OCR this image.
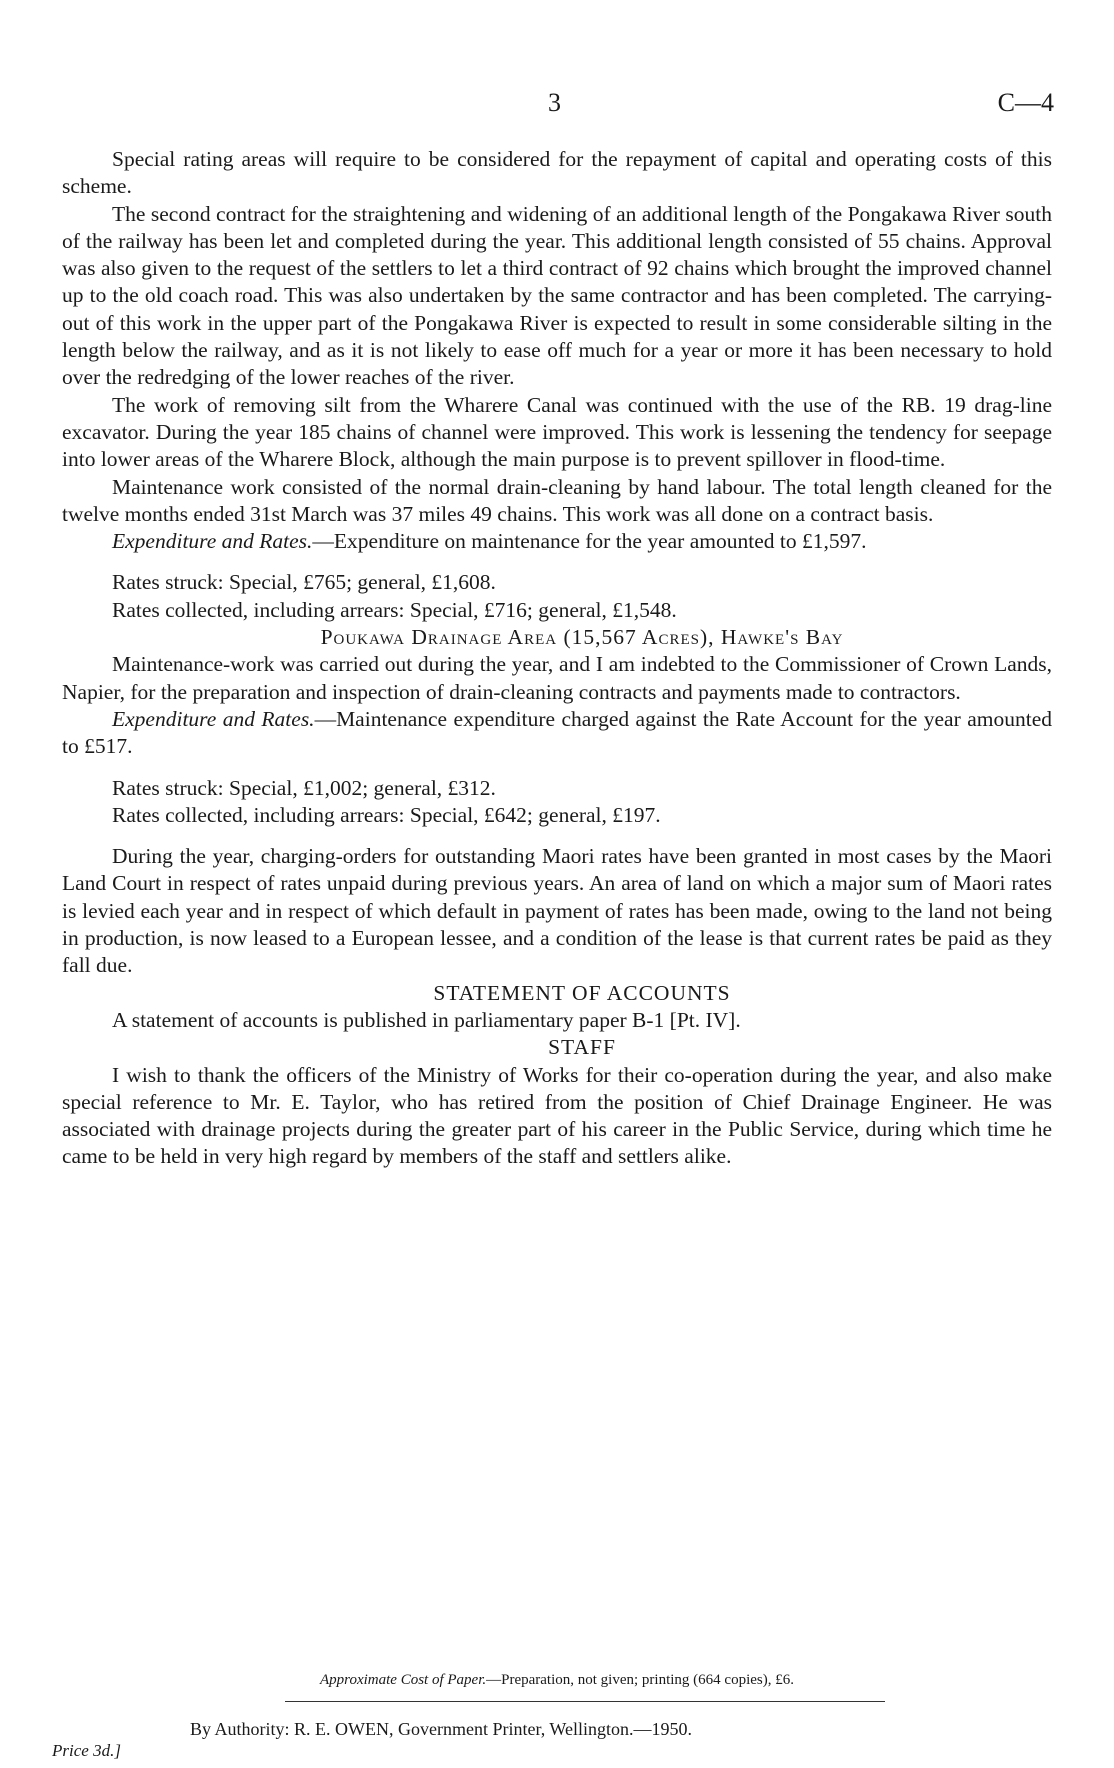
3	C—4

Special rating areas will require to be considered for the repayment of capital and operating costs of this scheme.

The second contract for the straightening and widening of an additional length of the Pongakawa River south of the railway has been let and completed during the year. This additional length consisted of 55 chains. Approval was also given to the request of the settlers to let a third contract of 92 chains which brought the improved channel up to the old coach road. This was also undertaken by the same contractor and has been completed. The carrying-out of this work in the upper part of the Pongakawa River is expected to result in some considerable silting in the length below the railway, and as it is not likely to ease off much for a year or more it has been necessary to hold over the redredging of the lower reaches of the river.

The work of removing silt from the Wharere Canal was continued with the use of the RB. 19 drag-line excavator. During the year 185 chains of channel were improved. This work is lessening the tendency for seepage into lower areas of the Wharere Block, although the main purpose is to prevent spillover in flood-time.

Maintenance work consisted of the normal drain-cleaning by hand labour. The total length cleaned for the twelve months ended 31st March was 37 miles 49 chains. This work was all done on a contract basis.

Expenditure and Rates.—Expenditure on maintenance for the year amounted to £1,597.

Rates struck: Special, £765; general, £1,608.

Rates collected, including arrears: Special, £716; general, £1,548.

Poukawa Drainage Area (15,567 Acres), Hawke's Bay

Maintenance-work was carried out during the year, and I am indebted to the Commissioner of Crown Lands, Napier, for the preparation and inspection of drain-cleaning contracts and payments made to contractors.

Expenditure and Rates.—Maintenance expenditure charged against the Rate Account for the year amounted to £517.

Rates struck: Special, £1,002; general, £312.

Rates collected, including arrears: Special, £642; general, £197.

During the year, charging-orders for outstanding Maori rates have been granted in most cases by the Maori Land Court in respect of rates unpaid during previous years. An area of land on which a major sum of Maori rates is levied each year and in respect of which default in payment of rates has been made, owing to the land not being in production, is now leased to a European lessee, and a condition of the lease is that current rates be paid as they fall due.

STATEMENT OF ACCOUNTS

A statement of accounts is published in parliamentary paper B-1 [Pt. IV].

STAFF

I wish to thank the officers of the Ministry of Works for their co-operation during the year, and also make special reference to Mr. E. Taylor, who has retired from the position of Chief Drainage Engineer. He was associated with drainage projects during the greater part of his career in the Public Service, during which time he came to be held in very high regard by members of the staff and settlers alike.

Approximate Cost of Paper.—Preparation, not given; printing (664 copies), £6.
By Authority: R. E. OWEN, Government Printer, Wellington.—1950.
Price 3d.]
